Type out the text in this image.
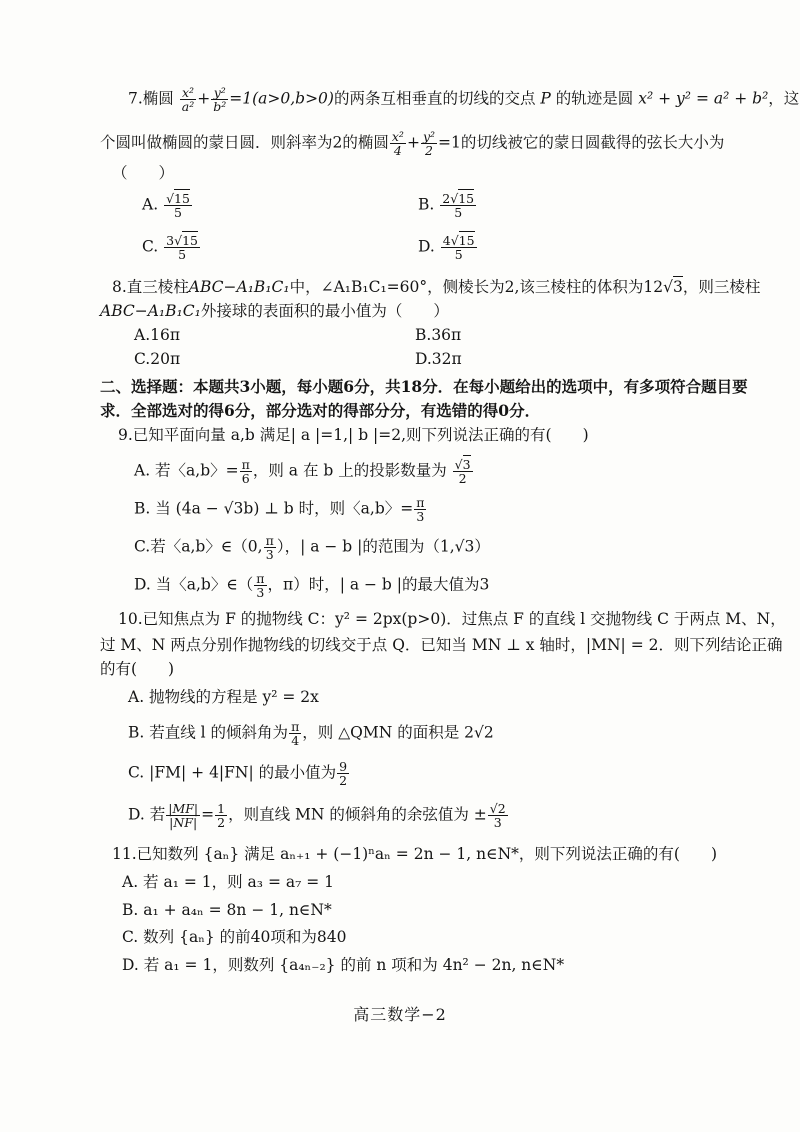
7.椭圆 $\frac{\text{x²}}{\text{a²}} + \frac{\text{y²}}{\text{b²}} =1(a>0,b>0)$的两条互相垂直的切线的交点 P 的轨迹是圆 x² + y² = a² + b²，这
个圆叫做椭圆的蒙日圆．则斜率为2的椭圆 $\frac{\text{x²}}{4} + \frac{\text{y²}}{2} =1$的切线被它的蒙日圆截得的弦长大小为
（　　）
A. $\frac{√15}{5}$	B. $\frac{2√15}{5}$
C. $\frac{3√15}{5}$	D. $\frac{4√15}{5}$
8.直三棱柱ABC−A₁B₁C₁中，∠A₁B₁C₁=60°，侧棱长为2,该三棱柱的体积为12√3，则三棱柱
ABC−A₁B₁C₁外接球的表面积的最小值为（　　）
A.16π	B.36π
C.20π	D.32π
二、选择题：本题共3小题，每小题6分，共18分．在每小题给出的选项中，有多项符合题目要
求．全部选对的得6分，部分选对的得部分分，有选错的得0分．
9.已知平面向量 a,b 满足| a |=1,| b |=2,则下列说法正确的有(　　)
A. 若〈a,b〉= $\frac{\pi}{6}$ ，则 a 在 b 上的投影数量为 $\frac{√3}{2}$
B. 当 (4a − √3b) ⊥ b 时，则〈a,b〉= $\frac{\pi}{3}$
C.若〈a,b〉∈（0, $\frac{\pi}{3}$ ），| a − b |的范围为（1,√3）
D. 当〈a,b〉∈（ $\frac{\pi}{3}$ ，π）时，| a − b |的最大值为3
10.已知焦点为 F 的抛物线 C：y² = 2px(p>0)．过焦点 F 的直线 l 交抛物线 C 于两点 M、N，
过 M、N 两点分别作抛物线的切线交于点 Q．已知当 MN ⊥ x 轴时，|MN| = 2．则下列结论正确
的有(　　)
A. 抛物线的方程是 y² = 2x
B. 若直线 l 的倾斜角为 $\frac{\pi}{4}$ ，则 △QMN 的面积是 2√2
C. |FM| + 4|FN| 的最小值为 $\frac{9}{2}$
D. 若 $\frac{|MF|}{|NF|} = \frac{1}{2}$ ，则直线 MN 的倾斜角的余弦值为 ± $\frac{√2}{3}$
11.已知数列 {aₙ} 满足 aₙ₊₁ + (−1)ⁿaₙ = 2n − 1, n∈N*，则下列说法正确的有(　　)
A. 若 a₁ = 1，则 a₃ = a₇ = 1
B. a₁ + a₄ₙ = 8n − 1, n∈N*
C. 数列 {aₙ} 的前40项和为840
D. 若 a₁ = 1，则数列 {a₄ₙ₋₂} 的前 n 项和为 4n² − 2n, n∈N*
高三数学−2
